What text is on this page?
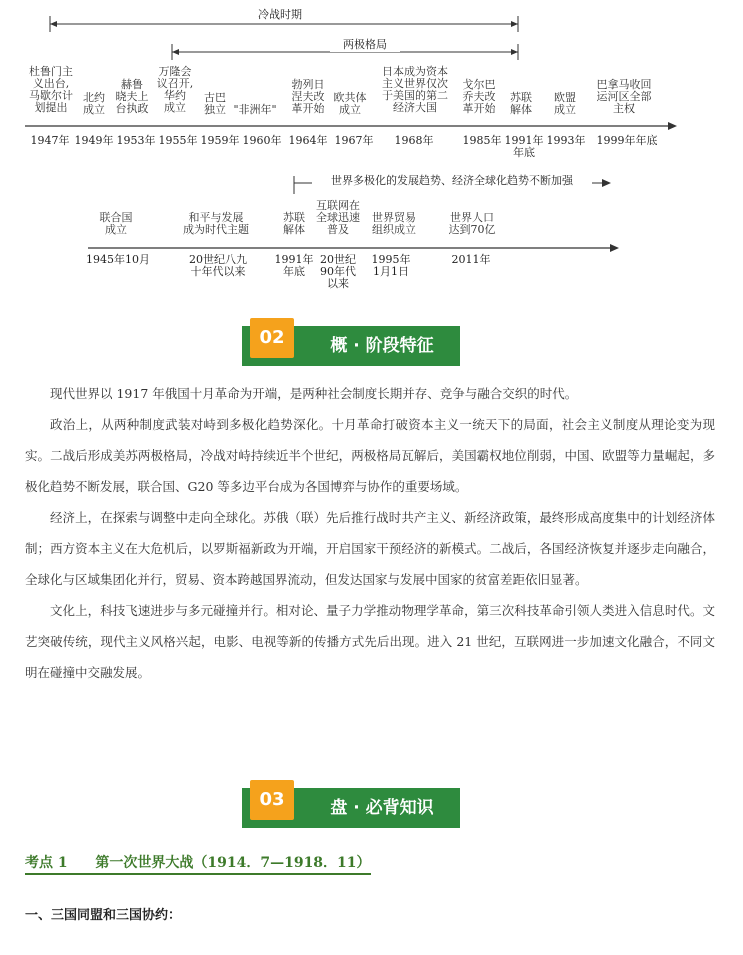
冷战时期
两极格局
杜鲁门主
义出台,
马歇尔计
划提出
北约
成立
赫鲁
晓夫上
台执政
万隆会
议召开,
华约
成立
古巴
独立 "非洲年"
勃列日
涅夫改
革开始
欧共体
成立
日本成为资本
主义世界仅次
于美国的第二
经济大国
戈尔巴
乔夫改
革开始
苏联
解体
欧盟
成立
巴拿马收回
运河区全部
主权
1947年 1949年 1953年 1955年 1959年 1960年 1964年 1967年 1968年	1985年 1991年
年底
1993年	1999年年底
世界多极化的发展趋势、经济全球化趋势不断加强
联合国
成立
和平与发展
成为时代主题
苏联
解体
互联网在
全球迅速
普及
世界贸易
组织成立
世界人口
达到70亿
1945年10月	20世纪八九
十年代以来
1991年
年底
20世纪
90年代
以来
1995年
1月1日
2011年
02	概 · 阶段特征

现代世界以 1917 年俄国十月革命为开端，是两种社会制度长期并存、竞争与融合交织的时代。

政治上，从两种制度武装对峙到多极化趋势深化。十月革命打破资本主义一统天下的局面，社会主义制度从理论变为现实。二战后形成美苏两极格局，冷战对峙持续近半个世纪，两极格局瓦解后，美国霸权地位削弱，中国、欧盟等力量崛起，多极化趋势不断发展，联合国、G20 等多边平台成为各国博弈与协作的重要场域。

经济上，在探索与调整中走向全球化。苏俄（联）先后推行战时共产主义、新经济政策，最终形成高度集中的计划经济体制；西方资本主义在大危机后，以罗斯福新政为开端，开启国家干预经济的新模式。二战后，各国经济恢复并逐步走向融合，全球化与区域集团化并行，贸易、资本跨越国界流动，但发达国家与发展中国家的贫富差距依旧显著。

文化上，科技飞速进步与多元碰撞并行。相对论、量子力学推动物理学革命，第三次科技革命引领人类进入信息时代。文艺突破传统，现代主义风格兴起，电影、电视等新的传播方式先后出现。进入 21 世纪，互联网进一步加速文化融合，不同文明在碰撞中交融发展。

03	盘 · 必背知识
考点 1 第一次世界大战（1914．7—1918．11）
一、三国同盟和三国协约：
